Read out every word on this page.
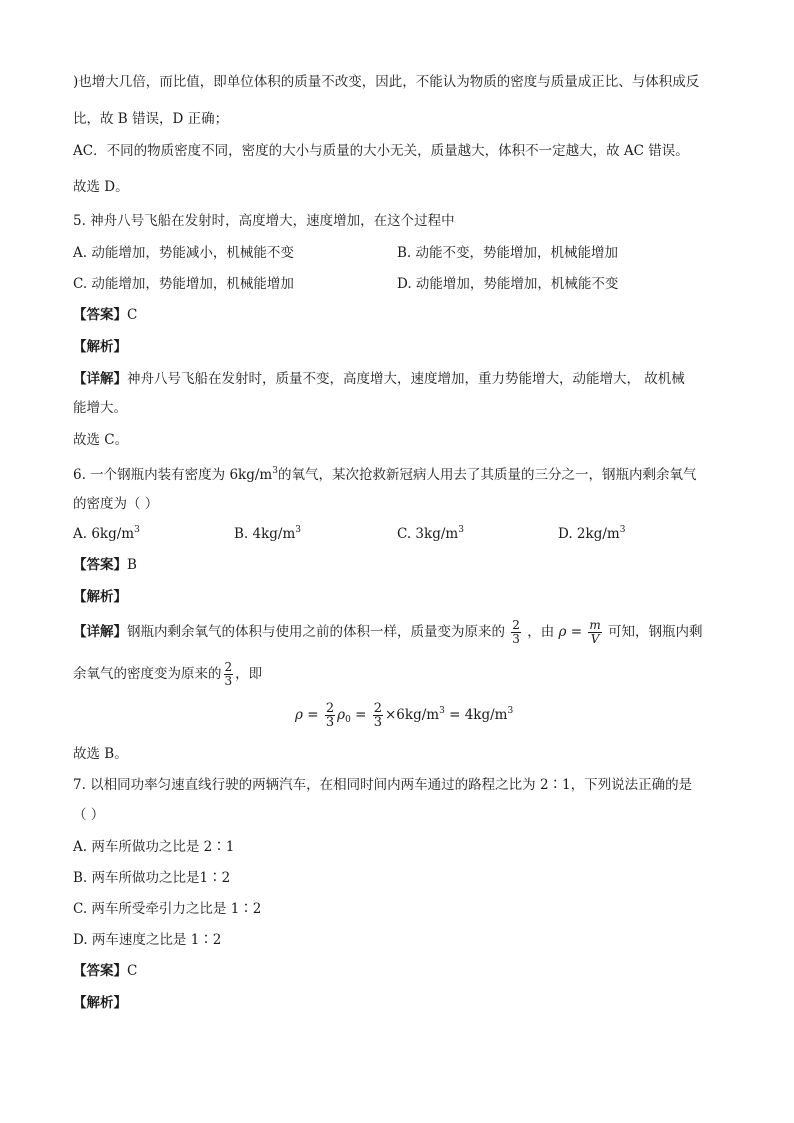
)也增大几倍，而比值，即单位体积的质量不改变，因此，不能认为物质的密度与质量成正比、与体积成反
比，故 B 错误，D 正确；
AC．不同的物质密度不同，密度的大小与质量的大小无关，质量越大，体积不一定越大，故 AC 错误。
故选 D。
5. 神舟八号飞船在发射时，高度增大，速度增加，在这个过程中
A. 动能增加，势能减小，机械能不变	B. 动能不变，势能增加，机械能增加
C. 动能增加，势能增加，机械能增加	D. 动能增加，势能增加，机械能不变
【答案】C
【解析】
【详解】神舟八号飞船在发射时，质量不变，高度增大，速度增加，重力势能增大，动能增大， 故机械
能增大。
故选 C。
6. 一个钢瓶内装有密度为 $6kg/m^3$的氧气，某次抢救新冠病人用去了其质量的三分之一，钢瓶内剩余氧气
的密度为（ ）
A. $6kg/m^3$	B. $4kg/m^3$	C. $3kg/m^3$	D. $2kg/m^3$
【答案】B
【解析】
【详解】钢瓶内剩余氧气的体积与使用之前的体积一样，质量变为原来的 $\frac{2}{3}$ ，由 $\rho = \frac{m}{V}$ 可知，钢瓶内剩
余氧气的密度变为原来的 $\frac{2}{3}$ ，即
$\rho = \frac{2}{3} \rho_0 = \frac{2}{3} \times 6kg/m^3 = 4kg/m^3$
故选 B。
7. 以相同功率匀速直线行驶的两辆汽车，在相同时间内两车通过的路程之比为 2∶1，下列说法正确的是
（ ）
A. 两车所做功之比是 2∶1
B. 两车所做功之比是1∶2
C. 两车所受牵引力之比是 1∶2
D. 两车速度之比是 1∶2
【答案】C
【解析】
